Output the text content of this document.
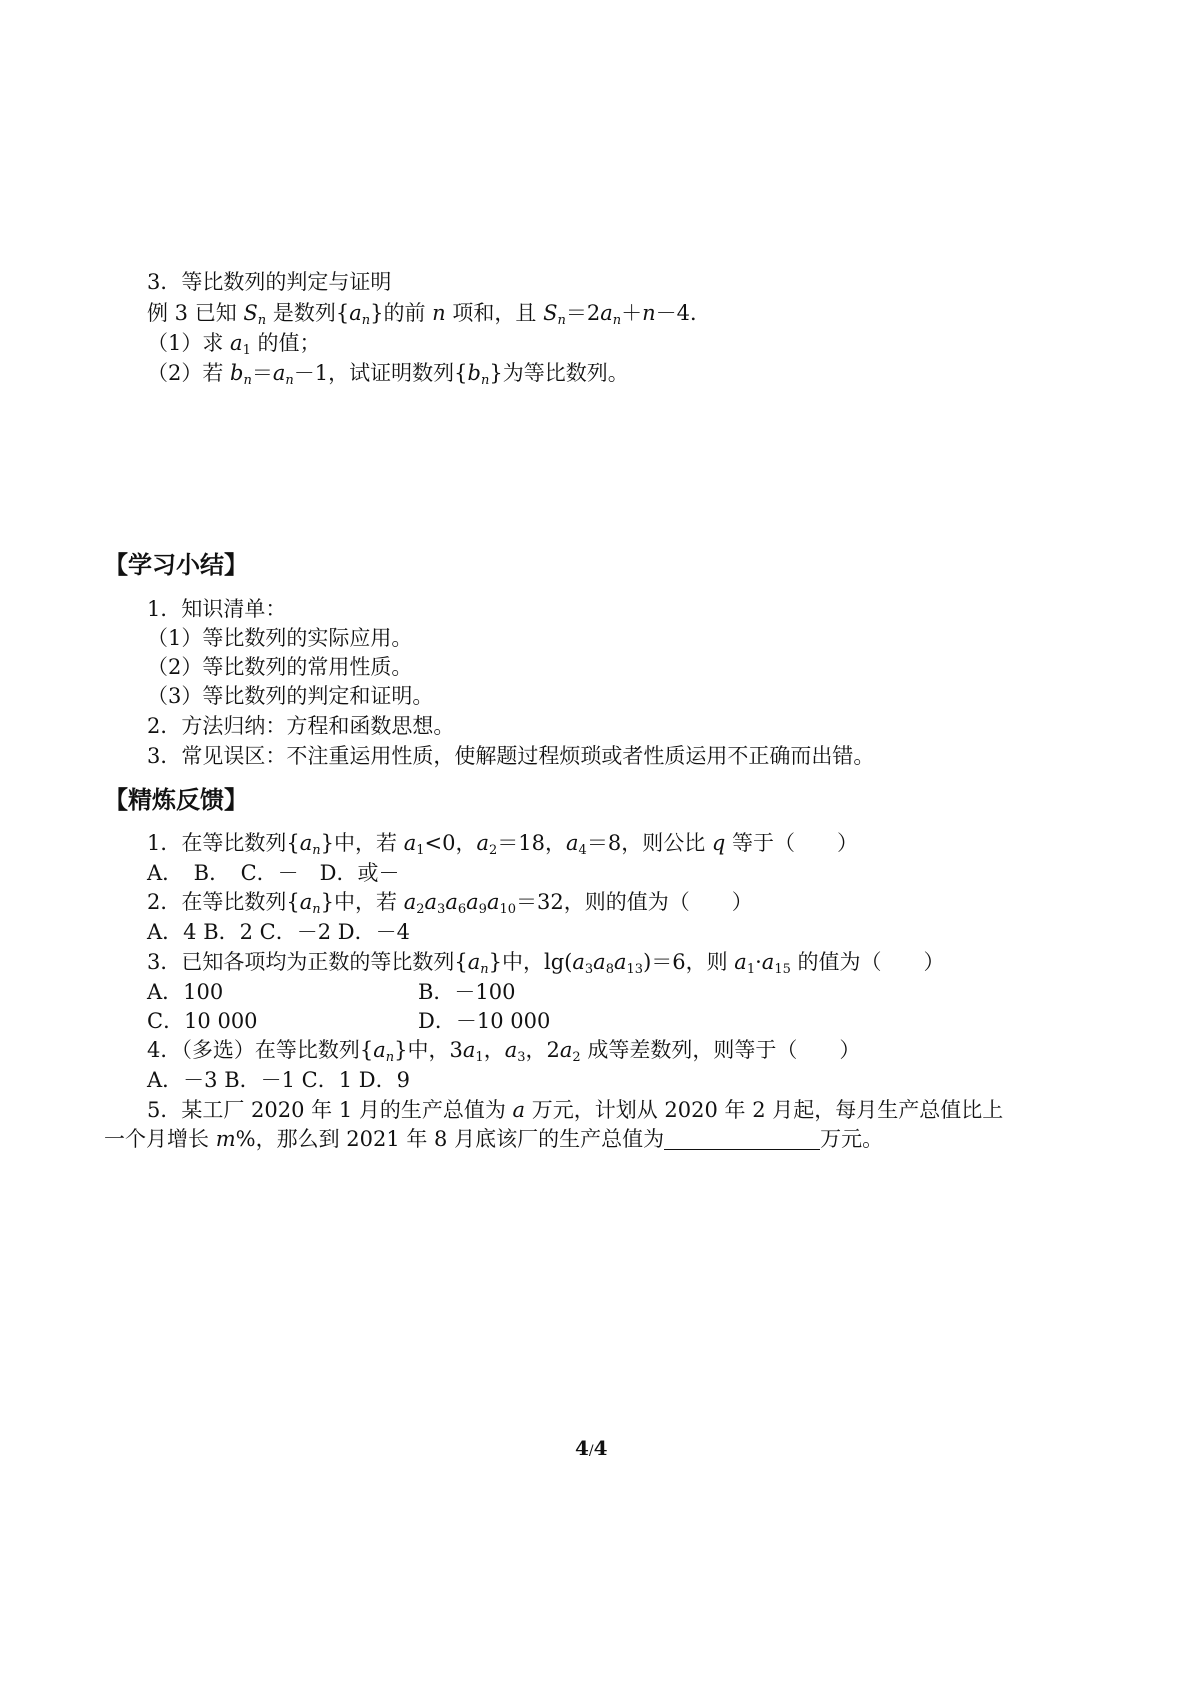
3．等比数列的判定与证明
例 3 已知 $S_n$ 是数列$\{a_n\}$的前 n 项和，且 $S_n=2a_n+n-4$．
（1）求 $a_1$ 的值；
（2）若 $b_n=a_n-1$，试证明数列$\{b_n\}$为等比数列。
【学习小结】
1．知识清单：
（1）等比数列的实际应用。
（2）等比数列的常用性质。
（3）等比数列的判定和证明。
2．方法归纳：方程和函数思想。
3．常见误区：不注重运用性质，使解题过程烦琐或者性质运用不正确而出错。
【精炼反馈】
1．在等比数列$\{a_n\}$中，若 $a_1<0$，$a_2=18$，$a_4=8$，则公比 q 等于（　　）
A．　B．　C．－　D．或－
2．在等比数列$\{a_n\}$中，若 $a_2a_3a_6a_9a_{10}=32$，则的值为（　　）
A．4 B．2 C．－2 D．－4
3．已知各项均为正数的等比数列$\{a_n\}$中，$\lg(a_3a_8a_{13})=6$，则 $a_1\cdot a_{15}$ 的值为（　　）
A．100	B．－100
C．10 000	D．－10 000
4．（多选）在等比数列$\{a_n\}$中，$3a_1$，$a_3$，$2a_2$ 成等差数列，则等于（　　）
A．－3 B．－1 C．1 D．9
5．某工厂 2020 年 1 月的生产总值为 a 万元，计划从 2020 年 2 月起，每月生产总值比上
一个月增长 m%，那么到 2021 年 8 月底该厂的生产总值为	万元。
4/4
